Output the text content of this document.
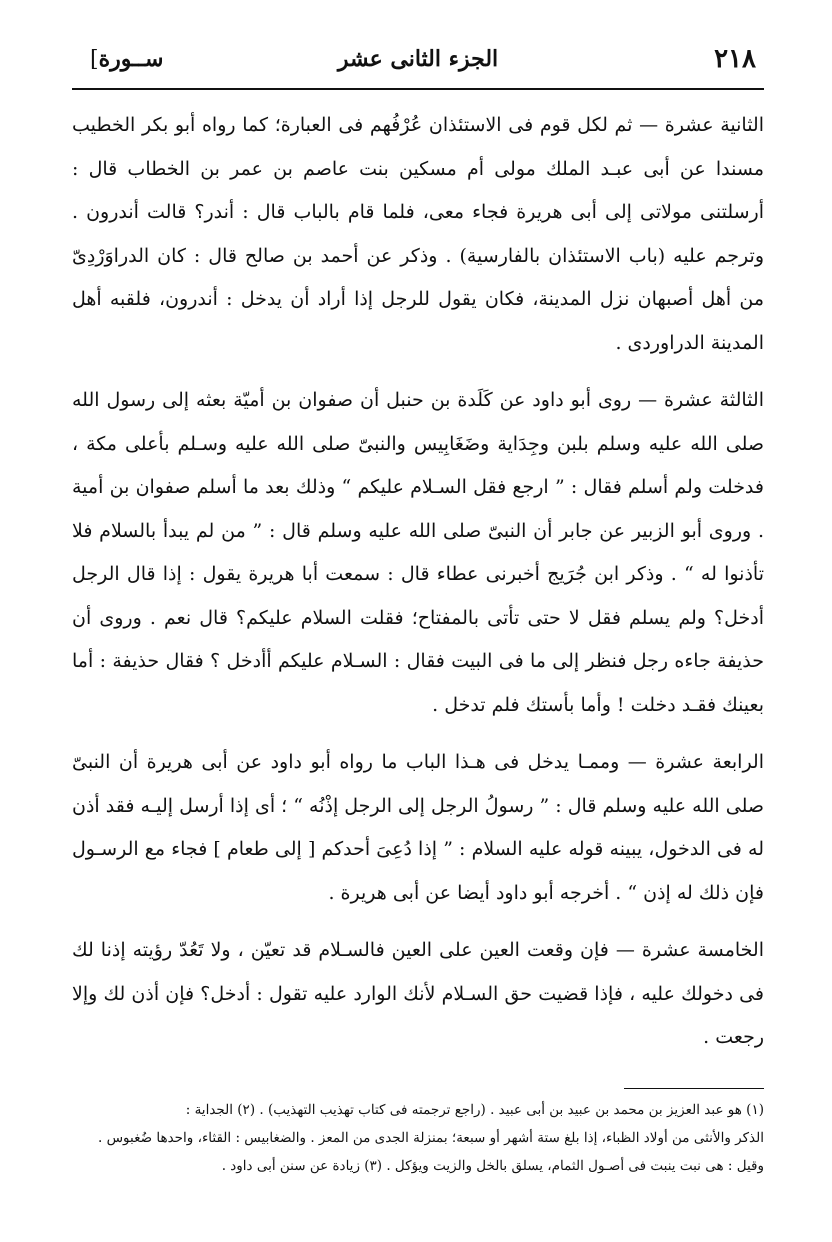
٢١٨
الجزء الثانى عشر
ســورة]

الثانية عشرة — ثم لكل قوم فى الاستئذان عُرْفُهم فى العبارة؛ كما رواه أبو بكر الخطيب مسندا عن أبى عبـد الملك مولى أم مسكين بنت عاصم بن عمر بن الخطاب قال : أرسلتنى مولاتى إلى أبى هريرة فجاء معى، فلما قام بالباب قال : أندر؟ قالت أندرون . وترجم عليه (باب الاستئذان بالفارسية) . وذكر عن أحمد بن صالح قال : كان الدراوَرْدِىّ من أهل أصبهان نزل المدينة، فكان يقول للرجل إذا أراد أن يدخل : أندرون، فلقبه أهل المدينة الدراوردى .

الثالثة عشرة — روى أبو داود عن كَلَدة بن حنبل أن صفوان بن أميّة بعثه إلى رسول الله صلى الله عليه وسلم بلبن وجِدَاية وضَغَابِيس والنبىّ صلى الله عليه وسـلم بأعلى مكة ، فدخلت ولم أسلم فقال : ” ارجع فقل السـلام عليكم “ وذلك بعد ما أسلم صفوان بن أمية . وروى أبو الزبير عن جابر أن النبىّ صلى الله عليه وسلم قال : ” من لم يبدأ بالسلام فلا تأذنوا له “ . وذكر ابن جُرَيج أخبرنى عطاء قال : سمعت أبا هريرة يقول : إذا قال الرجل أدخل؟ ولم يسلم فقل لا حتى تأتى بالمفتاح؛ فقلت السلام عليكم؟ قال نعم . وروى أن حذيفة جاءه رجل فنظر إلى ما فى البيت فقال : السـلام عليكم أأدخل ؟ فقال حذيفة : أما بعينك فقـد دخلت ! وأما بأستك فلم تدخل .

الرابعة عشرة — وممـا يدخل فى هـذا الباب ما رواه أبو داود عن أبى هريرة أن النبىّ صلى الله عليه وسلم قال : ” رسولُ الرجل إلى الرجل إذْنُه “ ؛ أى إذا أرسل إليـه فقد أذن له فى الدخول، يبينه قوله عليه السلام : ” إذا دُعِىَ أحدكم [ إلى طعام ] فجاء مع الرسـول فإن ذلك له إذن “ . أخرجه أبو داود أيضا عن أبى هريرة .

الخامسة عشرة — فإن وقعت العين على العين فالسـلام قد تعيّن ، ولا تَعُدّ رؤيته إذنا لك فى دخولك عليه ، فإذا قضيت حق السـلام لأنك الوارد عليه تقول : أدخل؟ فإن أذن لك وإلا رجعت .

(١) هو عبد العزيز بن محمد بن عبيد بن أبى عبيد . (راجع ترجمته فى كتاب تهذيب التهذيب) . (٢) الجداية :

الذكر والأنثى من أولاد الظباء، إذا بلغ ستة أشهر أو سبعة؛ بمنزلة الجدى من المعز . والضغابيس : القثاء، واحدها ضُغبوس .

وقيل : هى نبت ينبت فى أصـول الثمام، يسلق بالخل والزيت ويؤكل . (٣) زيادة عن سنن أبى داود .
